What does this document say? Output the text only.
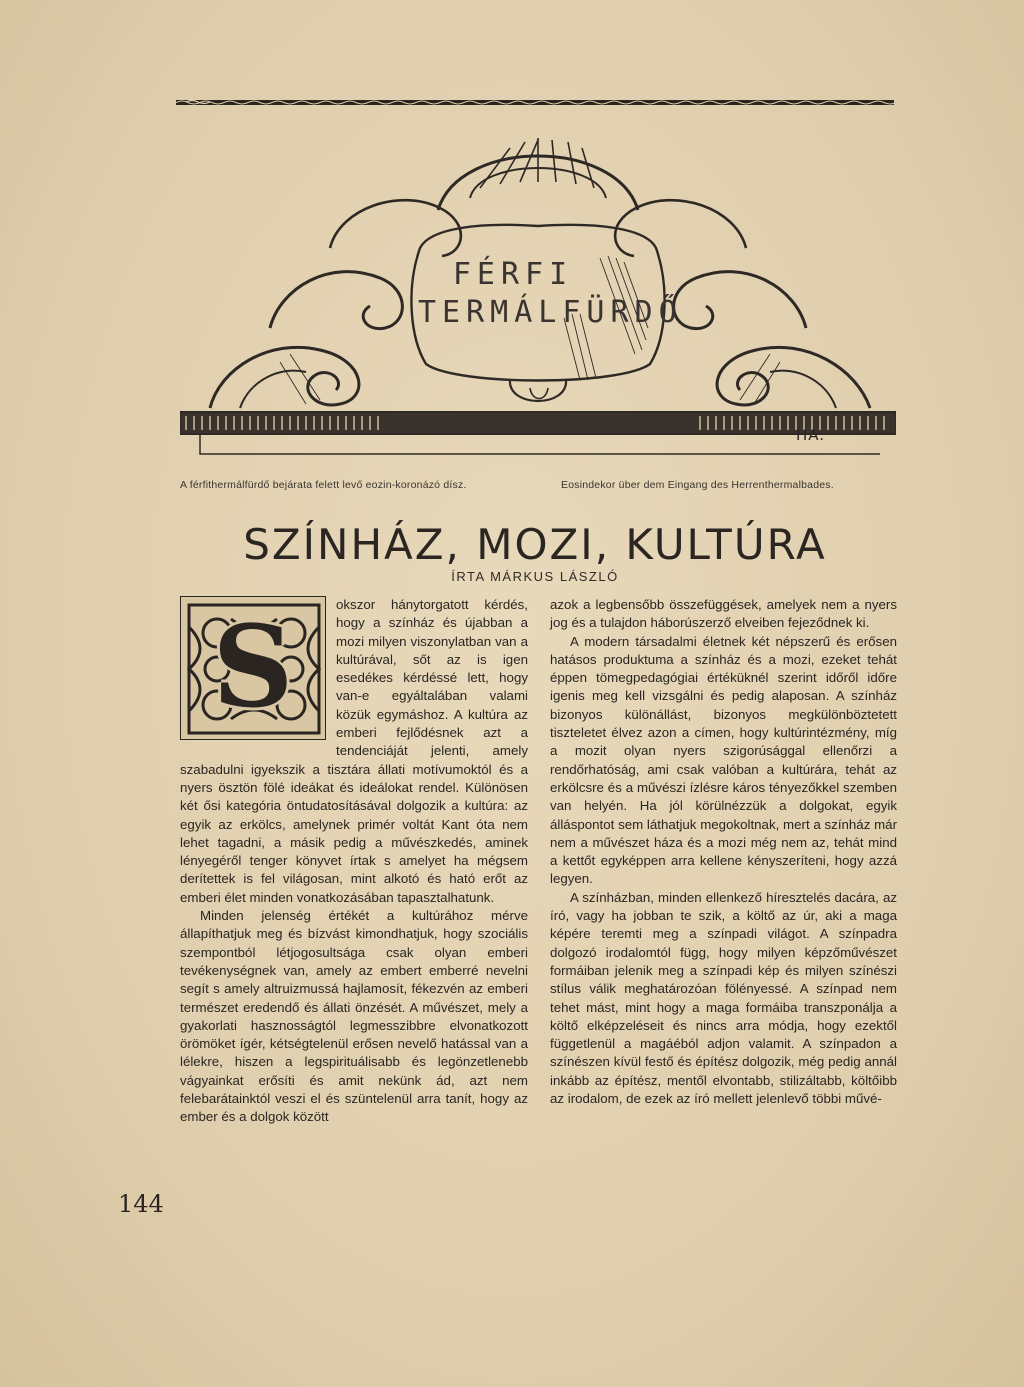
FÉRFI
TERMÁLFÜRDŐ
HA.
A férfithermálfürdő bejárata felett levő eozin-koronázó dísz.	Eosindekor über dem Eingang des Herrenthermalbades.
SZÍNHÁZ, MOZI, KULTÚRA
ÍRTA MÁRKUS LÁSZLÓ
S	okszor hánytorgatott kérdés, hogy a színház és újabban a mozi milyen viszonylatban van a kultúrával, sőt az is igen esedékes kérdéssé lett, hogy van-e egyáltalában valami közük egymáshoz. A kultúra az emberi fejlődésnek azt a tendenciáját jelenti, amely szabadulni igyekszik a tisztára állati motívumoktól és a nyers ösztön fölé ideákat és ideálokat rendel. Különösen két ősi kategória öntudatosításával dolgozik a kultúra: az egyik az erkölcs, amelynek primér voltát Kant óta nem lehet tagadni, a másik pedig a művészkedés, aminek lényegéről tenger könyvet írtak s amelyet ha mégsem derítettek is fel világosan, mint alkotó és ható erőt az emberi élet minden vonatkozásában tapasztalhatunk.

Minden jelenség értékét a kultúrához mérve állapíthatjuk meg és bízvást kimondhatjuk, hogy szociális szempontból létjogosultsága csak olyan emberi tevékenységnek van, amely az embert emberré nevelni segít s amely altruizmussá hajlamosít, fékezvén az emberi természet eredendő és állati önzését. A művészet, mely a gyakorlati hasznosságtól legmesszibbre elvonatkozott örömöket ígér, kétségtelenül erősen nevelő hatással van a lélekre, hiszen a legspirituálisabb és legönzetlenebb vágyainkat erősíti és amit nekünk ád, azt nem felebarátainktól veszi el és szüntelenül arra tanít, hogy az ember és a dolgok között

azok a legbensőbb összefüggések, amelyek nem a nyers jog és a tulajdon háborúszerző elveiben fejeződnek ki.

A modern társadalmi életnek két népszerű és erősen hatásos produktuma a színház és a mozi, ezeket tehát éppen tömegpedagógiai értéküknél szerint időről időre igenis meg kell vizsgálni és pedig alaposan. A színház bizonyos különállást, bizonyos megkülönböztetett tiszteletet élvez azon a címen, hogy kultúrintézmény, míg a mozit olyan nyers szigorúsággal ellenőrzi a rendőrhatóság, ami csak valóban a kultúrára, tehát az erkölcsre és a művészi ízlésre káros tényezőkkel szemben van helyén. Ha jól körülnézzük a dolgokat, egyik álláspontot sem láthatjuk megokoltnak, mert a színház már nem a művészet háza és a mozi még nem az, tehát mind a kettőt egyképpen arra kellene kényszeríteni, hogy azzá legyen.

A színházban, minden ellenkező híresztelés dacára, az író, vagy ha jobban te szik, a költő az úr, aki a maga képére teremti meg a színpadi világot. A színpadra dolgozó irodalomtól függ, hogy milyen képzőművészet formáiban jelenik meg a színpadi kép és milyen színészi stílus válik meghatározóan fölényessé. A színpad nem tehet mást, mint hogy a maga formáiba transzponálja a költő elképzeléseit és nincs arra módja, hogy ezektől függetlenül a magáéból adjon valamit. A színpadon a színészen kívül festő és építész dolgozik, még pedig annál inkább az építész, mentől elvontabb, stilizáltabb, költőibb az irodalom, de ezek az író mellett jelenlevő többi művé-

144
